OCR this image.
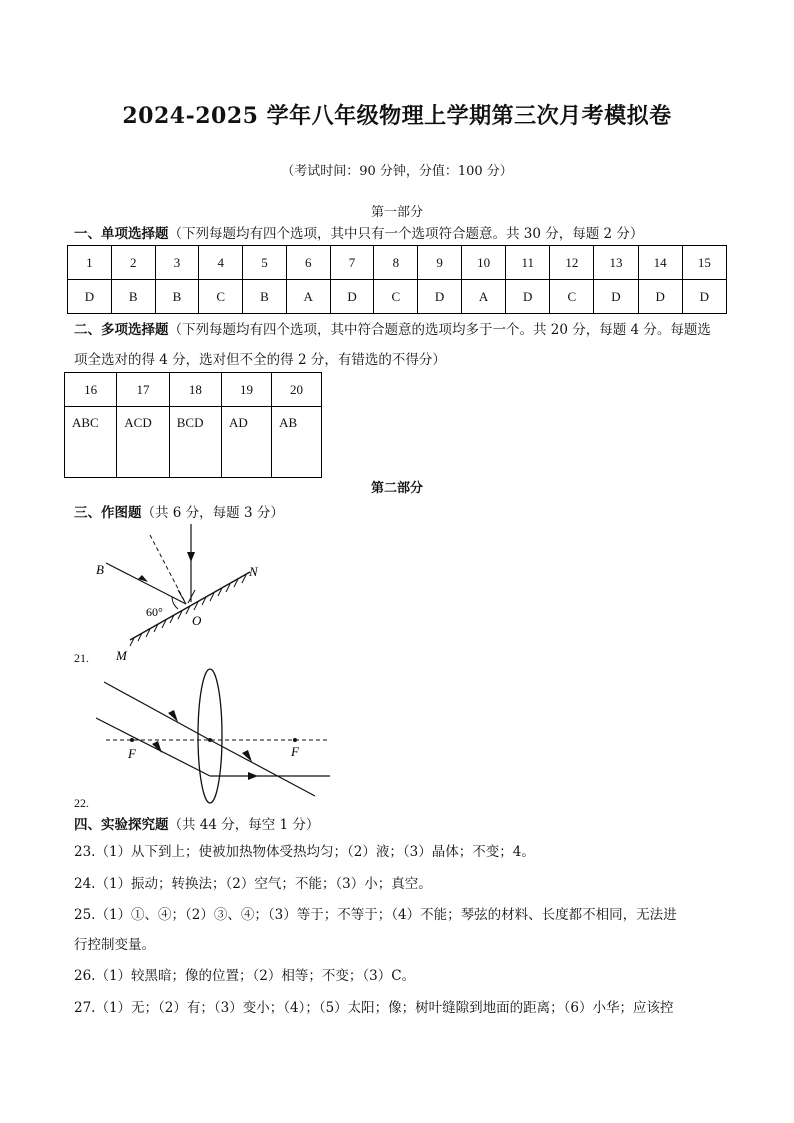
2024-2025 学年八年级物理上学期第三次月考模拟卷
（考试时间：90 分钟，分值：100 分）
第一部分
一、单项选择题（下列每题均有四个选项，其中只有一个选项符合题意。共 30 分，每题 2 分）
1	2	3	4	5	6	7	8	9	10	11	12	13	14	15
D	B	B	C	B	A	D	C	D	A	D	C	D	D	D
二、多项选择题（下列每题均有四个选项，其中符合题意的选项均多于一个。共 20 分，每题 4 分。每题选
项全选对的得 4 分，选对但不全的得 2 分，有错选的不得分）
16	17	18	19	20
ABC	ACD	BCD	AD	AB
第二部分
三、作图题（共 6 分，每题 3 分）
B	N
O
M
60°
21.
F	F
22.
四、实验探究题（共 44 分，每空 1 分）
23.（1）从下到上；使被加热物体受热均匀；（2）液；（3）晶体；不变；4。
24.（1）振动；转换法；（2）空气；不能；（3）小；真空。
25.（1）①、④；（2）③、④；（3）等于；不等于；（4）不能；琴弦的材料、长度都不相同，无法进
行控制变量。
26.（1）较黑暗；像的位置；（2）相等；不变；（3）C。
27.（1）无；（2）有；（3）变小；（4）；（5）太阳；像；树叶缝隙到地面的距离；（6）小华；应该控
